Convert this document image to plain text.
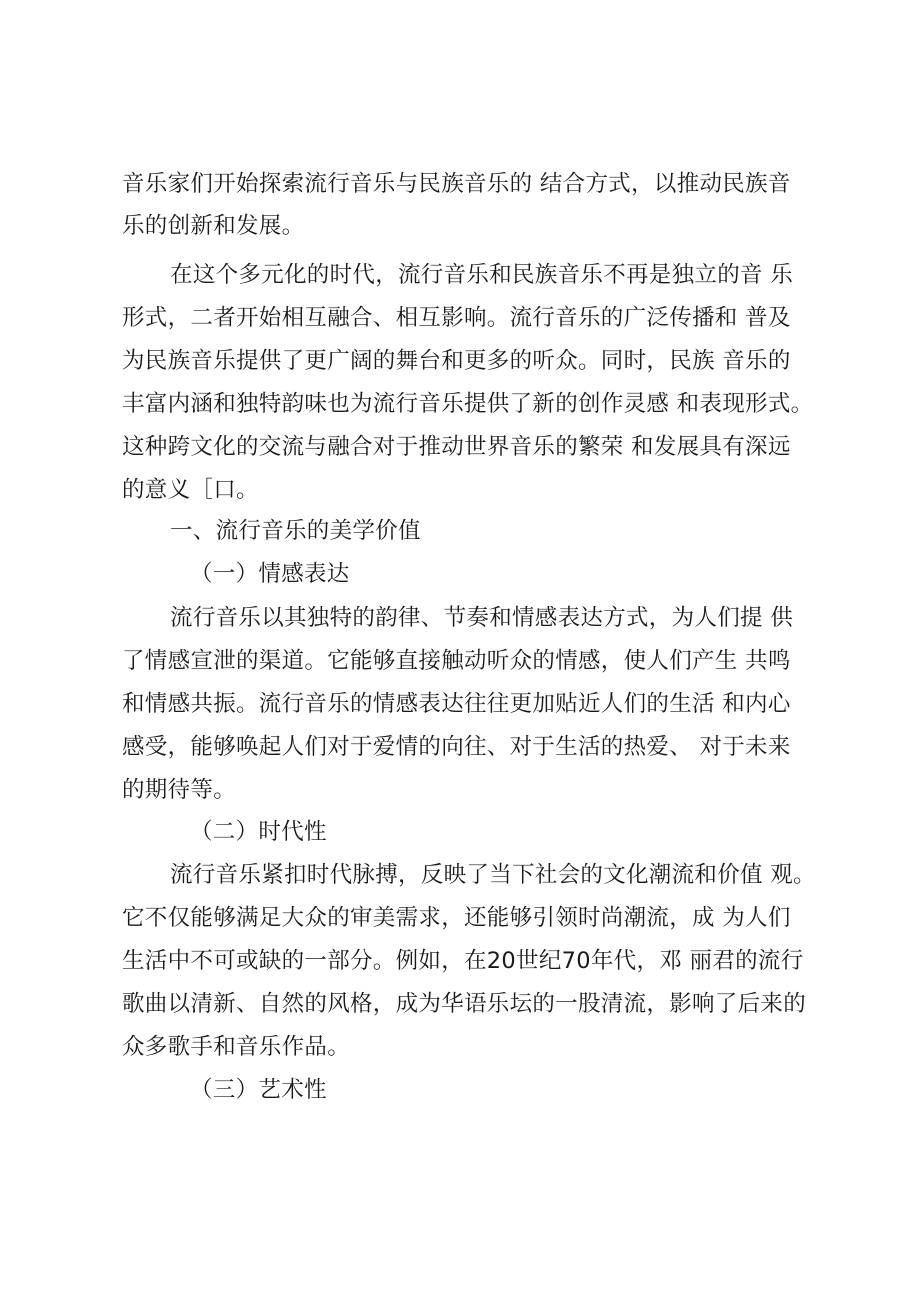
音乐家们开始探索流行音乐与民族音乐的 结合方式，以推动民族音
乐的创新和发展。
在这个多元化的时代，流行音乐和民族音乐不再是独立的音 乐
形式，二者开始相互融合、相互影响。流行音乐的广泛传播和 普及
为民族音乐提供了更广阔的舞台和更多的听众。同时，民族 音乐的
丰富内涵和独特韵味也为流行音乐提供了新的创作灵感 和表现形式。
这种跨文化的交流与融合对于推动世界音乐的繁荣 和发展具有深远
的意义［口。
一、流行音乐的美学价值
（一）情感表达
流行音乐以其独特的韵律、节奏和情感表达方式，为人们提 供
了情感宣泄的渠道。它能够直接触动听众的情感，使人们产生 共鸣
和情感共振。流行音乐的情感表达往往更加贴近人们的生活 和内心
感受，能够唤起人们对于爱情的向往、对于生活的热爱、 对于未来
的期待等。
（二）时代性
流行音乐紧扣时代脉搏，反映了当下社会的文化潮流和价值 观。
它不仅能够满足大众的审美需求，还能够引领时尚潮流，成 为人们
生活中不可或缺的一部分。例如，在20世纪70年代，邓 丽君的流行
歌曲以清新、自然的风格，成为华语乐坛的一股清流，影响了后来的
众多歌手和音乐作品。
（三）艺术性
